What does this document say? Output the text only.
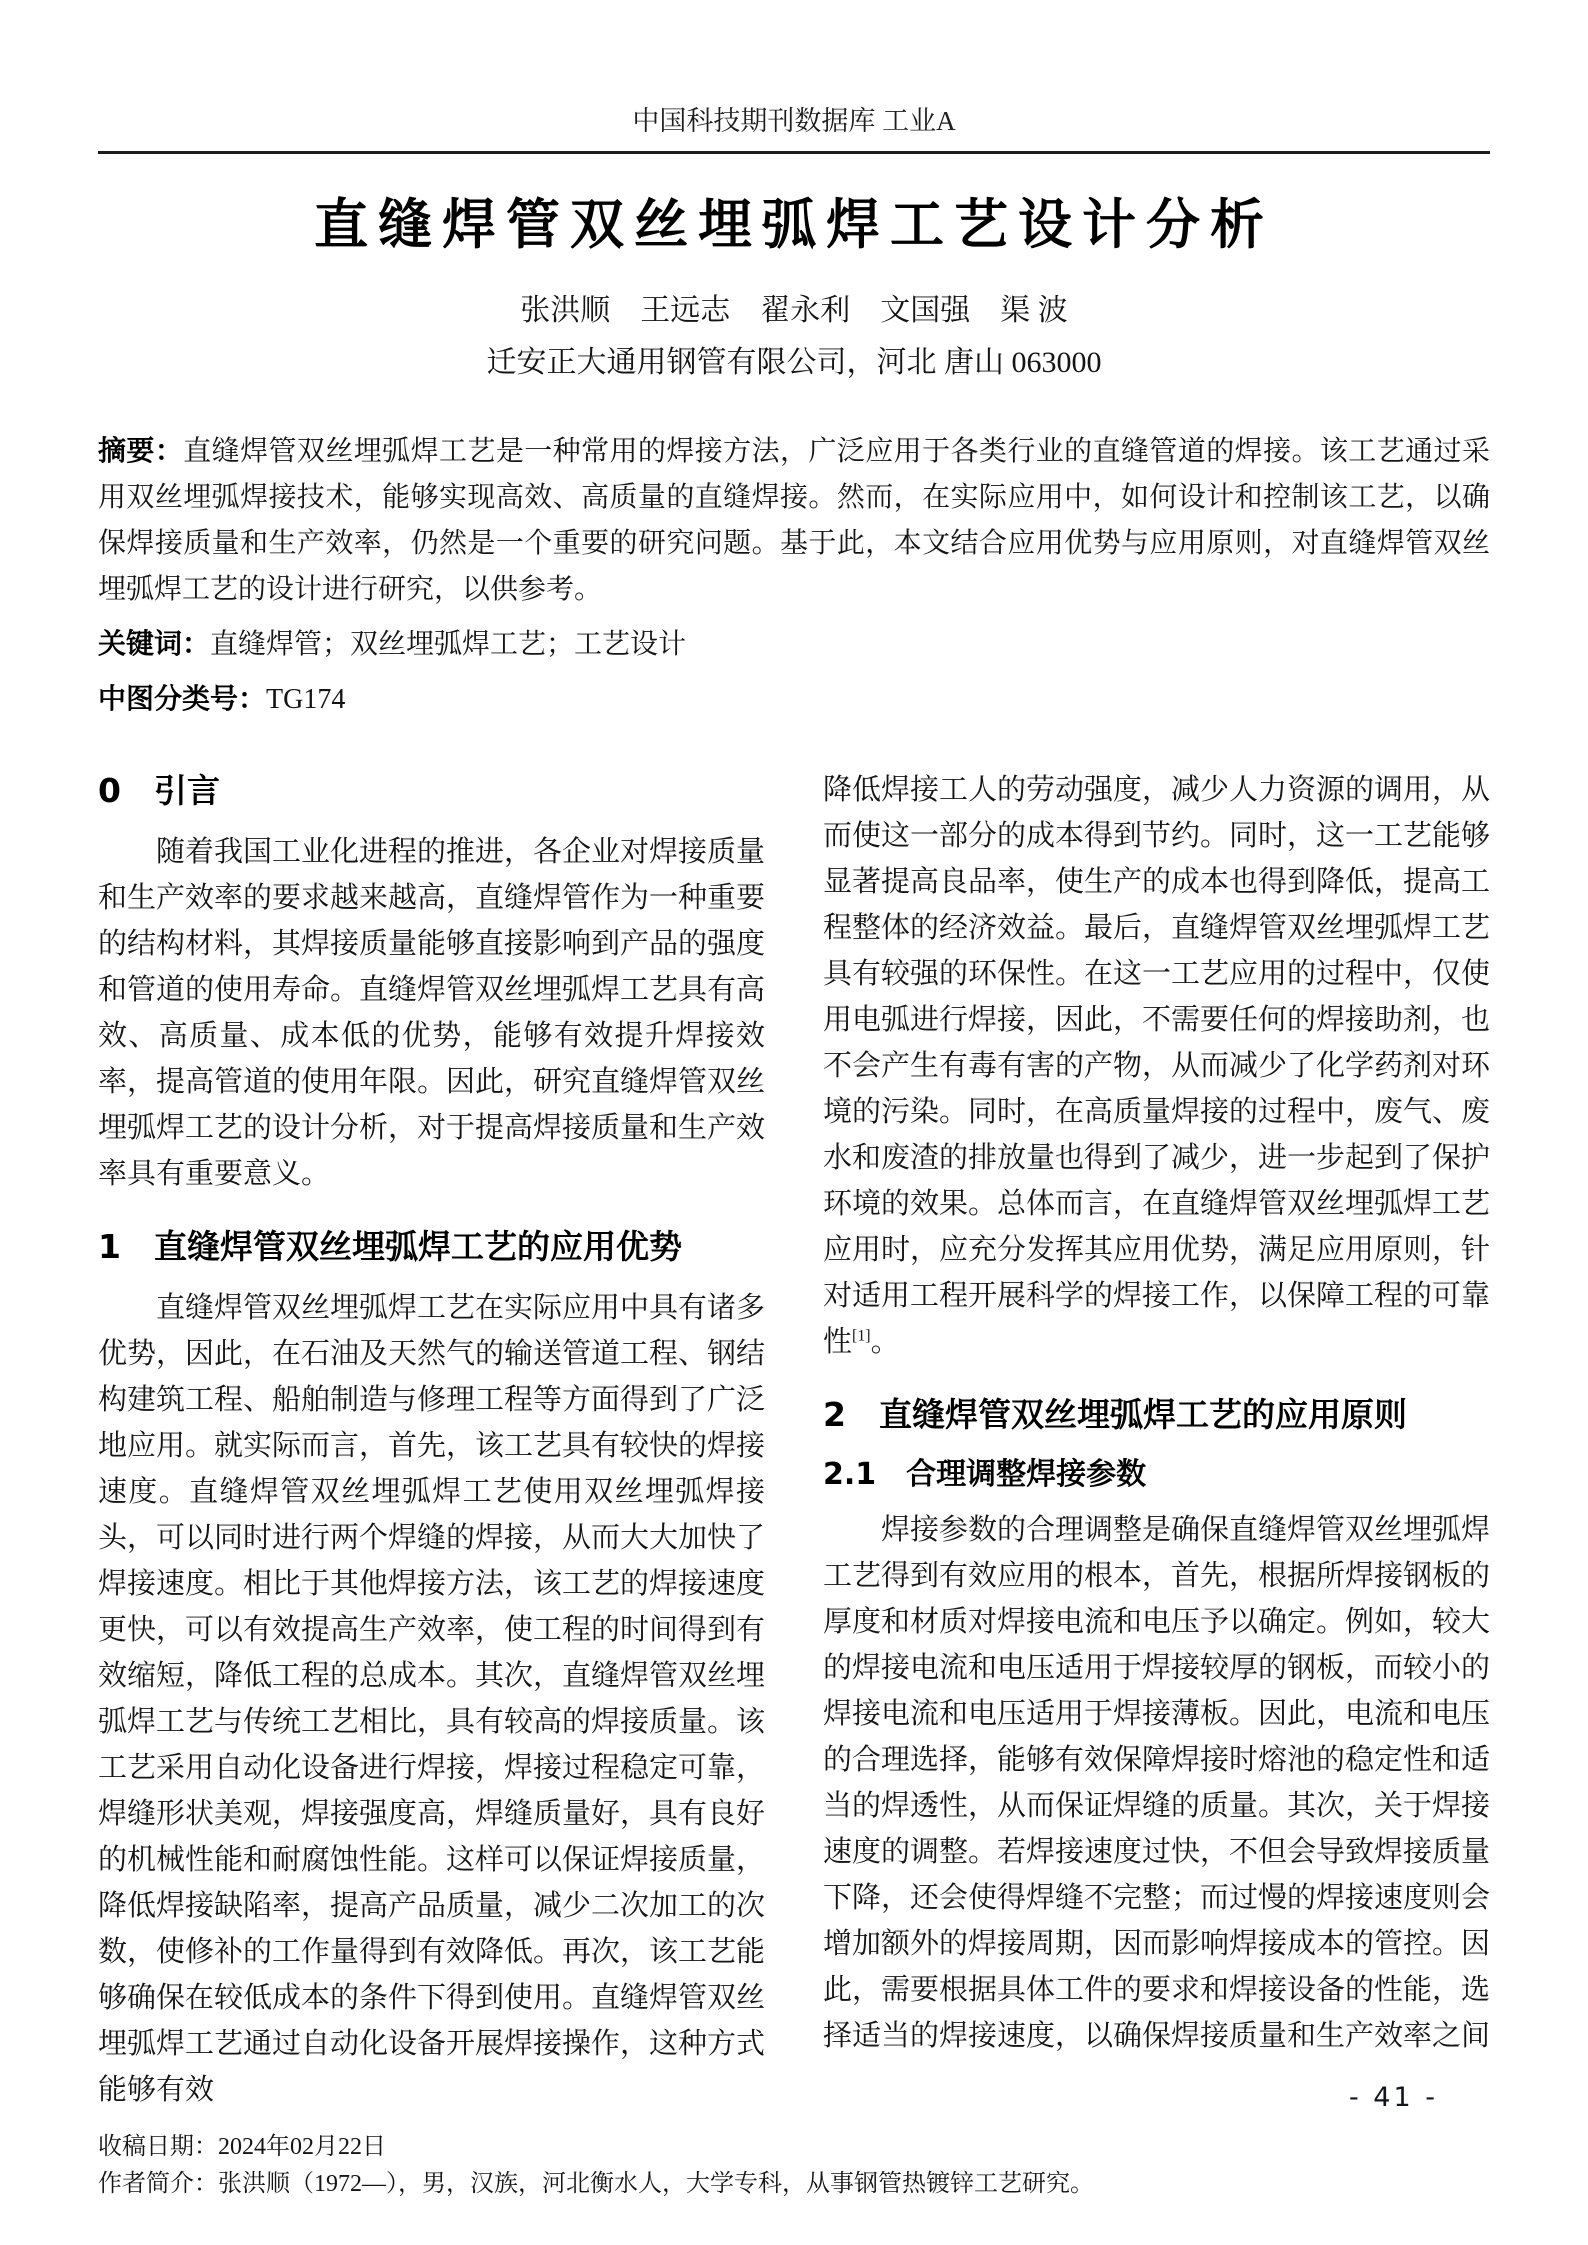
中国科技期刊数据库 工业A
直缝焊管双丝埋弧焊工艺设计分析
张洪顺　王远志　翟永利　文国强　渠 波
迁安正大通用钢管有限公司，河北 唐山 063000

摘要：直缝焊管双丝埋弧焊工艺是一种常用的焊接方法，广泛应用于各类行业的直缝管道的焊接。该工艺通过采用双丝埋弧焊接技术，能够实现高效、高质量的直缝焊接。然而，在实际应用中，如何设计和控制该工艺，以确保焊接质量和生产效率，仍然是一个重要的研究问题。基于此，本文结合应用优势与应用原则，对直缝焊管双丝埋弧焊工艺的设计进行研究，以供参考。

关键词：直缝焊管；双丝埋弧焊工艺；工艺设计

中图分类号：TG174

0　引言

随着我国工业化进程的推进，各企业对焊接质量和生产效率的要求越来越高，直缝焊管作为一种重要的结构材料，其焊接质量能够直接影响到产品的强度和管道的使用寿命。直缝焊管双丝埋弧焊工艺具有高效、高质量、成本低的优势，能够有效提升焊接效率，提高管道的使用年限。因此，研究直缝焊管双丝埋弧焊工艺的设计分析，对于提高焊接质量和生产效率具有重要意义。

1　直缝焊管双丝埋弧焊工艺的应用优势

直缝焊管双丝埋弧焊工艺在实际应用中具有诸多优势，因此，在石油及天然气的输送管道工程、钢结构建筑工程、船舶制造与修理工程等方面得到了广泛地应用。就实际而言，首先，该工艺具有较快的焊接速度。直缝焊管双丝埋弧焊工艺使用双丝埋弧焊接头，可以同时进行两个焊缝的焊接，从而大大加快了焊接速度。相比于其他焊接方法，该工艺的焊接速度更快，可以有效提高生产效率，使工程的时间得到有效缩短，降低工程的总成本。其次，直缝焊管双丝埋弧焊工艺与传统工艺相比，具有较高的焊接质量。该工艺采用自动化设备进行焊接，焊接过程稳定可靠，焊缝形状美观，焊接强度高，焊缝质量好，具有良好的机械性能和耐腐蚀性能。这样可以保证焊接质量，降低焊接缺陷率，提高产品质量，减少二次加工的次数，使修补的工作量得到有效降低。再次，该工艺能够确保在较低成本的条件下得到使用。直缝焊管双丝埋弧焊工艺通过自动化设备开展焊接操作，这种方式能够有效

降低焊接工人的劳动强度，减少人力资源的调用，从而使这一部分的成本得到节约。同时，这一工艺能够显著提高良品率，使生产的成本也得到降低，提高工程整体的经济效益。最后，直缝焊管双丝埋弧焊工艺具有较强的环保性。在这一工艺应用的过程中，仅使用电弧进行焊接，因此，不需要任何的焊接助剂，也不会产生有毒有害的产物，从而减少了化学药剂对环境的污染。同时，在高质量焊接的过程中，废气、废水和废渣的排放量也得到了减少，进一步起到了保护环境的效果。总体而言，在直缝焊管双丝埋弧焊工艺应用时，应充分发挥其应用优势，满足应用原则，针对适用工程开展科学的焊接工作，以保障工程的可靠性[1]。

2　直缝焊管双丝埋弧焊工艺的应用原则
2.1　合理调整焊接参数

焊接参数的合理调整是确保直缝焊管双丝埋弧焊工艺得到有效应用的根本，首先，根据所焊接钢板的厚度和材质对焊接电流和电压予以确定。例如，较大的焊接电流和电压适用于焊接较厚的钢板，而较小的焊接电流和电压适用于焊接薄板。因此，电流和电压的合理选择，能够有效保障焊接时熔池的稳定性和适当的焊透性，从而保证焊缝的质量。其次，关于焊接速度的调整。若焊接速度过快，不但会导致焊接质量下降，还会使得焊缝不完整；而过慢的焊接速度则会增加额外的焊接周期，因而影响焊接成本的管控。因此，需要根据具体工件的要求和焊接设备的性能，选择适当的焊接速度，以确保焊接质量和生产效率之间

收稿日期：2024年02月22日

作者简介：张洪顺（1972—），男，汉族，河北衡水人，大学专科，从事钢管热镀锌工艺研究。

- 41 -
